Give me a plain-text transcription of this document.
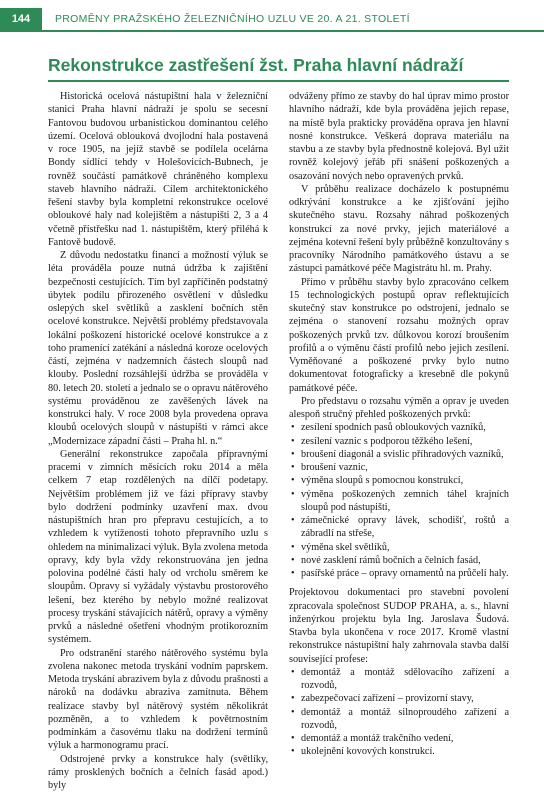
144	PROMĚNY PRAŽSKÉHO ŽELEZNIČNÍHO UZLU VE 20. A 21. STOLETÍ
Rekonstrukce zastřešení žst. Praha hlavní nádraží

Historická ocelová nástupištní hala v železniční stanici Praha hlavní nádraží je spolu se secesní Fantovou budovou urbanistickou dominantou celého území. Ocelová oblouková dvojlodní hala postavená v roce 1905, na jejíž stavbě se podílela ocelárna Bondy sídlící tehdy v Holešovicích-Bubnech, je rovněž součástí památkově chráněného komplexu staveb hlavního nádraží. Cílem architektonického řešení stavby byla kompletní rekonstrukce ocelové obloukové haly nad kolejištěm a nástupišti 2, 3 a 4 včetně přístřešku nad 1. nástupištěm, který přiléhá k Fantově budově.

Z důvodu nedostatku financí a možností výluk se léta prováděla pouze nutná údržba k zajištění bezpečnosti cestujících. Tím byl zapříčiněn podstatný úbytek podílu přirozeného osvětlení v důsledku oslepých skel světlíků a zasklení bočních stěn ocelové konstrukce. Největší problémy představovala lokální poškození historické ocelové konstrukce a z toho pramenící zatékání a následná koroze ocelových částí, zejména v nadzemních částech sloupů nad klouby. Poslední rozsáhlejší údržba se prováděla v 80. letech 20. století a jednalo se o opravu nátěrového systému prováděnou ze zavěšených lávek na konstrukci haly. V roce 2008 byla provedena oprava kloubů ocelových sloupů v nástupišti v rámci akce „Modernizace západní části – Praha hl. n.“

Generální rekonstrukce započala přípravnými pracemi v zimních měsících roku 2014 a měla celkem 7 etap rozdělených na dílčí podetapy. Největším problémem již ve fázi přípravy stavby bylo dodržení podmínky uzavření max. dvou nástupištních hran pro přepravu cestujících, a to vzhledem k vytíženosti tohoto přepravního uzlu s ohledem na minimalizaci výluk. Byla zvolena metoda opravy, kdy byla vždy rekonstruována jen jedna polovina podélné části haly od vrcholu směrem ke sloupům. Opravy si vyžádaly výstavbu prostorového lešení, bez kterého by nebylo možné realizovat procesy tryskání stávajících nátěrů, opravy a výměny prvků a následné ošetření vhodným protikorozním systémem.

Pro odstranění starého nátěrového systému byla zvolena nakonec metoda tryskání vodním paprskem. Metoda tryskání abrazivem byla z důvodu prašnosti a nároků na dodávku abraziva zamítnuta. Během realizace stavby byl nátěrový systém několikrát pozměněn, a to vzhledem k povětrnostním podmínkám a časovému tlaku na dodržení termínů výluk a harmonogramu prací.

Odstrojené prvky a konstrukce haly (světlíky, rámy prosklených bočních a čelních fasád apod.) byly

odváženy přímo ze stavby do hal úprav mimo prostor hlavního nádraží, kde byla prováděna jejich repase, na místě byla prakticky prováděna oprava jen hlavní nosné konstrukce. Veškerá doprava materiálu na stavbu a ze stavby byla přednostně kolejová. Byl užit rovněž kolejový jeřáb při snášení poškozených a osazování nových nebo opravených prvků.

V průběhu realizace docházelo k postupnému odkrývání konstrukce a ke zjišťování jejího skutečného stavu. Rozsahy náhrad poškozených konstrukcí za nové prvky, jejich materiálové a zejména kotevní řešení byly průběžně konzultovány s pracovníky Národního památkového ústavu a se zástupci památkové péče Magistrátu hl. m. Prahy.

Přímo v průběhu stavby bylo zpracováno celkem 15 technologických postupů oprav reflektujících skutečný stav konstrukce po odstrojení, jednalo se zejména o stanovení rozsahu možných oprav poškozených prvků tzv. důlkovou korozí broušením profilů a o výměnu částí profilů nebo jejich zesílení. Vyměňované a poškozené prvky bylo nutno dokumentovat fotograficky a kresebně dle pokynů památkové péče.

Pro představu o rozsahu výměn a oprav je uveden alespoň stručný přehled poškozených prvků:

• zesílení spodních pasů obloukových vazníků,
• zesílení vaznic s podporou těžkého lešení,
• broušení diagonál a svislic příhradových vazníků,
• broušení vaznic,
• výměna sloupů s pomocnou konstrukcí,
• výměna poškozených zemních táhel krajních sloupů pod nástupišti,
• zámečnické opravy lávek, schodišť, roštů a zábradlí na střeše,
• výměna skel světlíků,
• nové zasklení rámů bočních a čelních fasád,
• pasířské práce – opravy ornamentů na průčelí haly.

Projektovou dokumentaci pro stavební povolení zpracovala společnost SUDOP PRAHA, a. s., hlavní inženýrkou projektu byla Ing. Jaroslava Šudová. Stavba byla ukončena v roce 2017. Kromě vlastní rekonstrukce nástupištní haly zahrnovala stavba další související profese:

• demontáž a montáž sdělovacího zařízení a rozvodů,
• zabezpečovací zařízení – provizorní stavy,
• demontáž a montáž silnoproudého zařízení a rozvodů,
• demontáž a montáž trakčního vedení,
• ukolejnění kovových konstrukcí.
